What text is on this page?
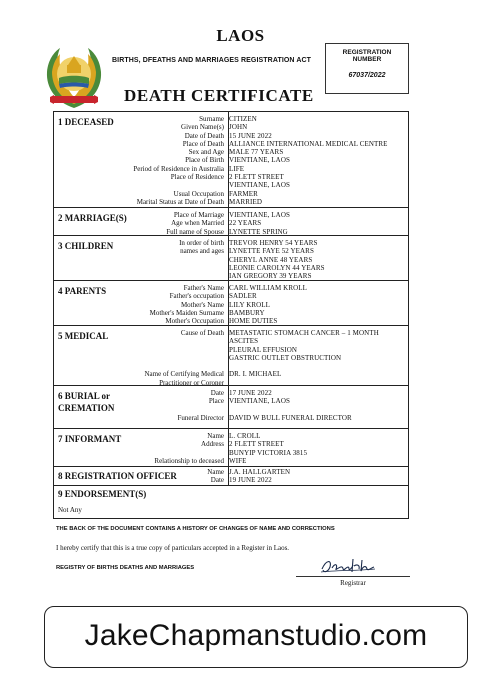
LAOS
BIRTHS, DFEATHS AND MARRIAGES REGISTRATION ACT
DEATH CERTIFICATE
REGISTRATION
NUMBER
67037/2022
1 DECEASED	Surname CITIZEN
Given Name(s) JOHN
Date of Death 15 JUNE 2022
Place of Death ALLIANCE INTERNATIONAL MEDICAL CENTRE
Sex and Age MALE 77 YEARS
Place of Birth VIENTIANE, LAOS
Period of Residence in Australia LIFE
Place of Residence 2 FLETT STREET
VIENTIANE, LAOS
Usual Occupation FARMER
Marital Status at Date of Death MARRIED
2 MARRIAGE(S)	Place of Marriage VIENTIANE, LAOS
Age when Married 22 YEARS
Full name of Spouse LYNETTE SPRING
3 CHILDREN	In order of birth TREVOR HENRY 54 YEARS
names and ages LYNETTE FAYE 52 YEARS
CHERYL ANNE 48 YEARS
LEONIE CAROLYN 44 YEARS
IAN GREGORY 39 YEARS
4 PARENTS	Father's Name CARL WILLIAM KROLL
Father's occupation SADLER
Mother's Name LILY KROLL
Mother's Maiden Surname BAMBURY
Mother's Occupation HOME DUTIES
5 MEDICAL	Cause of Death METASTATIC STOMACH CANCER – 1 MONTH
ASCITES
PLEURAL EFFUSION
GASTRIC OUTLET OBSTRUCTION
Name of Certifying Medical DR. I. MICHAEL
Practitioner or Coroner
6 BURIAL or CREMATION
Date 17 JUNE 2022
Place VIENTIANE, LAOS
Funeral Director DAVID W BULL FUNERAL DIRECTOR
7 INFORMANT	Name L. CROLL
Address 2 FLETT STREET
BUNYIP VICTORIA 3815
Relationship to deceased WIFE
8 REGISTRATION OFFICER	Name J.A. HALLGARTEN
Date 19 JUNE 2022
9 ENDORSEMENT(S)
Not Any
THE BACK OF THE DOCUMENT CONTAINS A HISTORY OF CHANGES OF NAME AND CORRECTIONS
I hereby certify that this is a true copy of particulars accepted in a Register in Laos.
REGISTRY OF BIRTHS DEATHS AND MARRIAGES
Registrar
JakeChapmanstudio.com
